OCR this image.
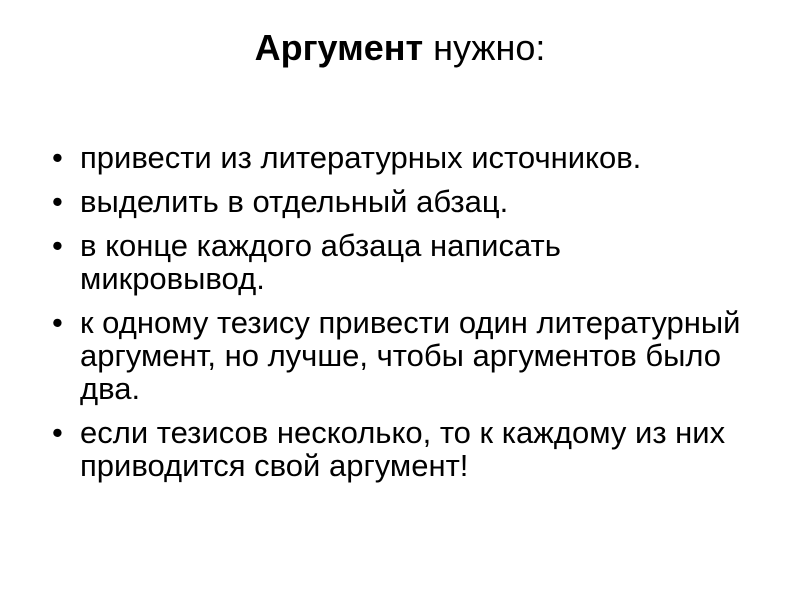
Аргумент нужно:
• привести из литературных источников.
• выделить в отдельный абзац.
• в конце каждого абзаца написать микровывод.
• к одному тезису привести один литературный аргумент, но лучше, чтобы аргументов было два.
• если тезисов несколько, то к каждому из них приводится свой аргумент!
